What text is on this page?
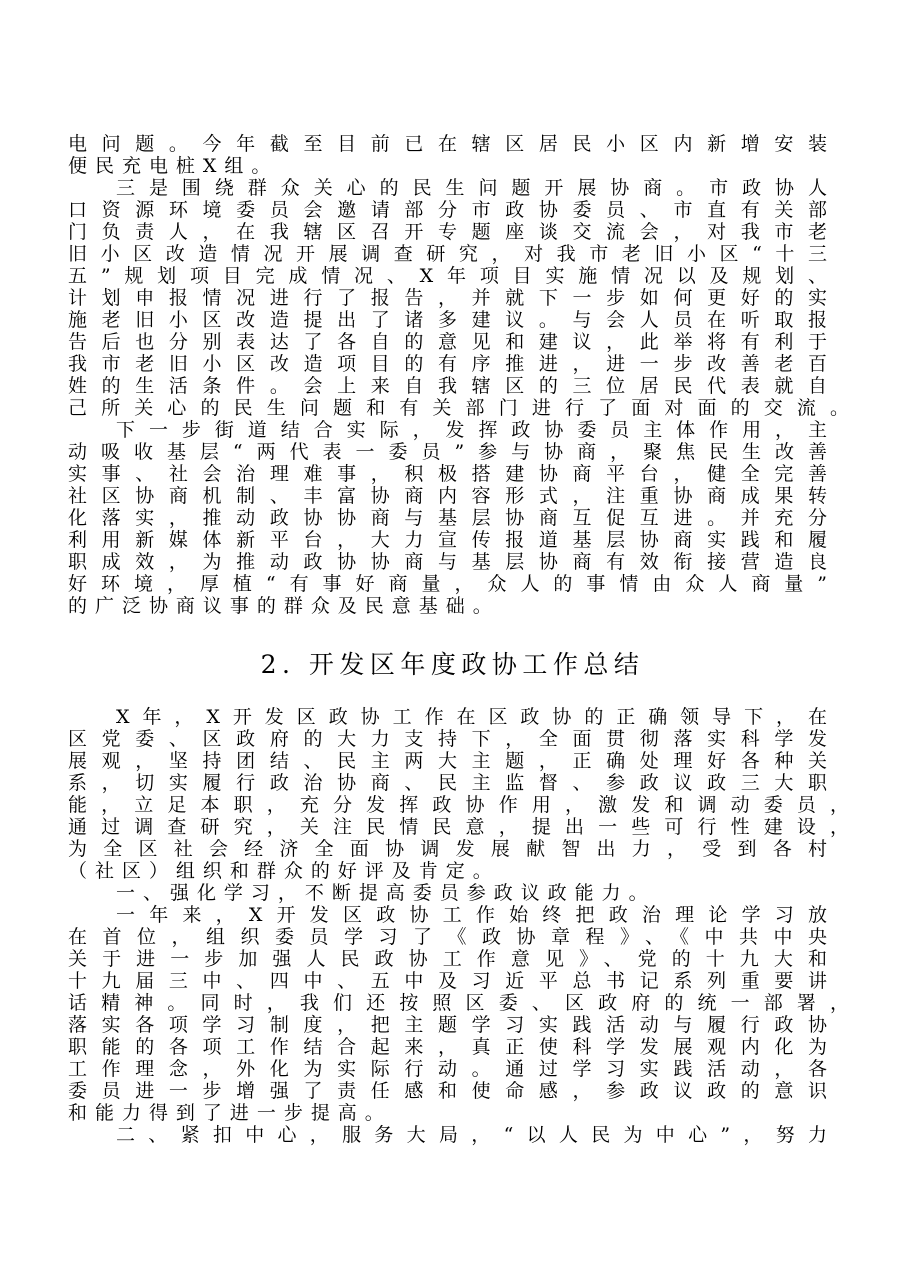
电问题。今年截至目前已在辖区居民小区内新增安装
便民充电桩X组。
三是围绕群众关心的民生问题开展协商。市政协人
口资源环境委员会邀请部分市政协委员、市直有关部
门负责人，在我辖区召开专题座谈交流会，对我市老
旧小区改造情况开展调查研究，对我市老旧小区“十三
五”规划项目完成情况、X年项目实施情况以及规划、
计划申报情况进行了报告，并就下一步如何更好的实
施老旧小区改造提出了诸多建议。与会人员在听取报
告后也分别表达了各自的意见和建议，此举将有利于
我市老旧小区改造项目的有序推进，进一步改善老百
姓的生活条件。会上来自我辖区的三位居民代表就自
己所关心的民生问题和有关部门进行了面对面的交流。
下一步街道结合实际，发挥政协委员主体作用，主
动吸收基层“两代表一委员”参与协商，聚焦民生改善
实事、社会治理难事，积极搭建协商平台，健全完善
社区协商机制、丰富协商内容形式，注重协商成果转
化落实，推动政协协商与基层协商互促互进。并充分
利用新媒体新平台，大力宣传报道基层协商实践和履
职成效，为推动政协协商与基层协商有效衔接营造良
好环境，厚植“有事好商量，众人的事情由众人商量”
的广泛协商议事的群众及民意基础。
2. 开发区年度政协工作总结
X年，X开发区政协工作在区政协的正确领导下，在
区党委、区政府的大力支持下，全面贯彻落实科学发
展观，坚持团结、民主两大主题，正确处理好各种关
系，切实履行政治协商、民主监督、参政议政三大职
能，立足本职，充分发挥政协作用，激发和调动委员，
通过调查研究，关注民情民意，提出一些可行性建设，
为全区社会经济全面协调发展献智出力，受到各村
（社区）组织和群众的好评及肯定。
一、强化学习，不断提高委员参政议政能力。
一年来，X开发区政协工作始终把政治理论学习放
在首位，组织委员学习了《政协章程》、《中共中央
关于进一步加强人民政协工作意见》、党的十九大和
十九届三中、四中、五中及习近平总书记系列重要讲
话精神。同时，我们还按照区委、区政府的统一部署，
落实各项学习制度，把主题学习实践活动与履行政协
职能的各项工作结合起来，真正使科学发展观内化为
工作理念，外化为实际行动。通过学习实践活动，各
委员进一步增强了责任感和使命感，参政议政的意识
和能力得到了进一步提高。
二、紧扣中心，服务大局，“以人民为中心”，努力
